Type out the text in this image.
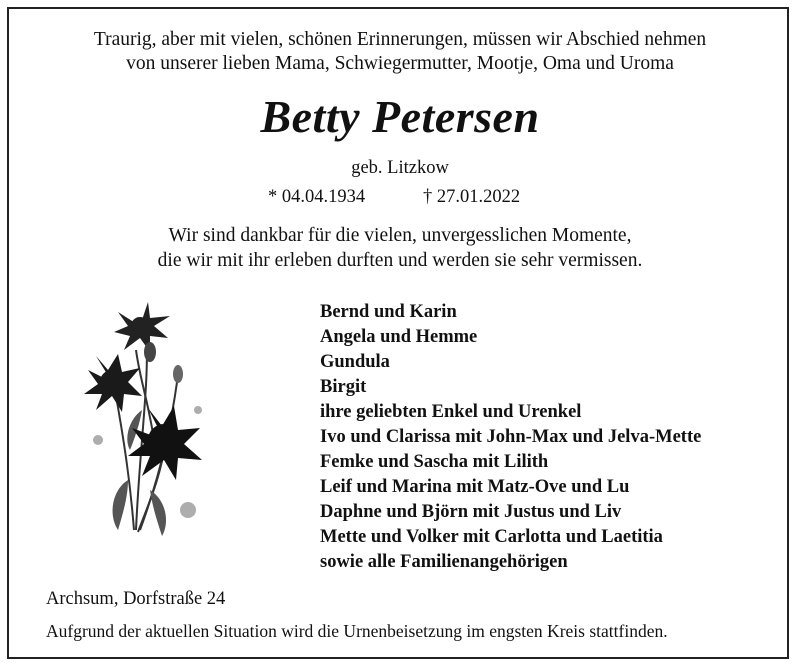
Traurig, aber mit vielen, schönen Erinnerungen, müssen wir Abschied nehmen
von unserer lieben Mama, Schwiegermutter, Mootje, Oma und Uroma
Betty Petersen
geb. Litzkow
* 04.04.1934	† 27.01.2022
Wir sind dankbar für die vielen, unvergesslichen Momente,
die wir mit ihr erleben durften und werden sie sehr vermissen.
Bernd und Karin
Angela und Hemme
Gundula
Birgit
ihre geliebten Enkel und Urenkel
Ivo und Clarissa mit John-Max und Jelva-Mette
Femke und Sascha mit Lilith
Leif und Marina mit Matz-Ove und Lu
Daphne und Björn mit Justus und Liv
Mette und Volker mit Carlotta und Laetitia
sowie alle Familienangehörigen
Archsum, Dorfstraße 24
Aufgrund der aktuellen Situation wird die Urnenbeisetzung im engsten Kreis stattfinden.
